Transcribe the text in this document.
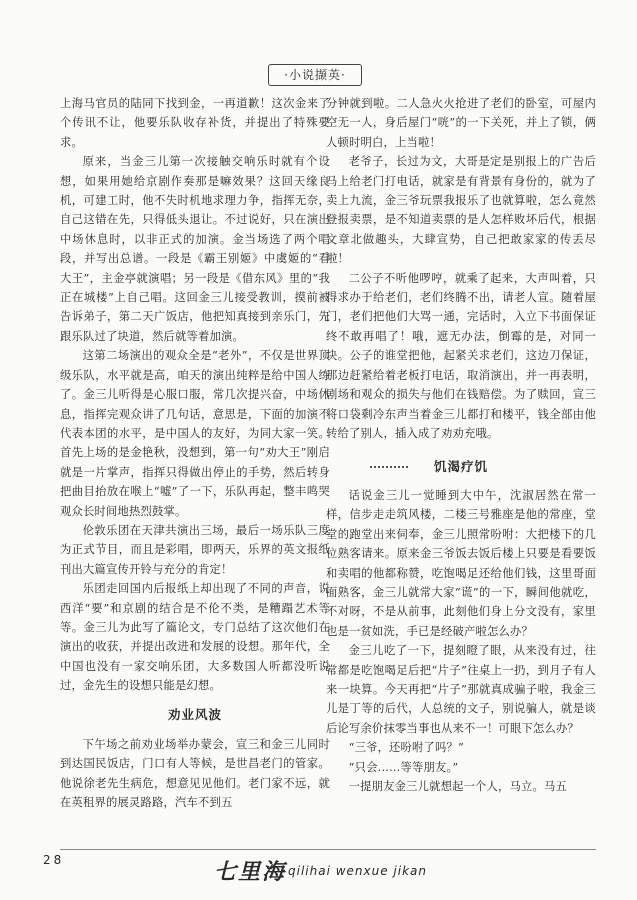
·小说撷英·

上海马官员的陆同下找到金，一再道歉！这次金来了个传讯不让，他要乐队收存补货，并提出了特殊要求。

原来，当金三儿第一次接触交响乐时就有个设想，如果用她给京剧作奏那是嘛效果？这回天缘良机，可建工时，他不失时机地求理力争，指挥无奈，自己这错在先，只得低头退让。不过说好，只在演出中场休息时，以非正式的加演。金当场选了两个唱段，并写出总谱。一段是《霸王别姬》中虞姬的“看大王”，主金亭就演唱；另一段是《借东风》里的“我正在城楼”上自己唱。这回金三儿接受教训，摸前被告诉弟子，第二天广饭店，他把知真接到亲乐门，先跟乐队过了块道，然后就等着加演。

这第二场演出的观众全是“老外”，不仅是世界顶级乐队，水平就是高，咱天的演出纯粹是给中国人练了。金三儿听得是心服口服，常几次提兴奋，中场休息，指挥完观众讲了几句话，意思是，下面的加演不代表本团的水平，是中国人的友好，为同大家一笑。首先上场的是金艳秋，没想到，第一句“劝大王”刚启就是一片掌声，指挥只得做出停止的手势，然后转身把曲目抬放在喉上“嘘”了一下，乐队再起，整丰鸣哭观众长时间地热烈鼓掌。

伦敦乐团在天津共演出三场，最后一场乐队三度为正式节目，而且是彩唱，即两天，乐界的英文报纸刊出大篇宣传开铃与充分的肯定！

乐团走回国内后报纸上却出现了不同的声音，说西洋“要”和京剧的结合是不伦不类，是糟蹋艺术等等。金三儿为此写了篇论文，专门总结了这次他们在演出的收获，并提出改进和发展的设想。那年代，全中国也没有一家交响乐团，大多数国人听都没听说过，金先生的设想只能是幻想。

劝业风波

下午场之前劝业场举办蒙会，宣三和金三儿同时到达国民饭店，门口有人等候，是世昌老门的管家。他说徐老先生病危，想意见见他们。老门家不远，就在英租界的展灵路路，汽车不到五

分钟就到啦。二人急火火抢进了老们的卧室，可屋内空无一人，身后屋门“咣”的一下关死，并上了锁，俩人顿时明白，上当啦！

老爷子，长过为文，大哥是定是别报上的广告后马上给老门打电话，就家是有背景有身份的，就为了卖上九流，金三爷玩票我报乐了也就算啦，怎么竟然登报卖票，是不知道卖票的是人怎样败坏后代，根据文章北做趣头，大肆宣势，自己把敢家家的传丢尽啦！

二公子不听他啰哼，就乘了起来，大声叫着，只得求办于给老们，老们终腾不出，请老人宣。随着屋门，老们把他们大骂一通，完话时，入立下书面保证终不敢再唱了！哦，遮无办法，倒霉的是，对同一块。公子的谁堂把他，起紧关求老们，这边刀保证，那边赶紧给着老板打电话，取消演出，并一再表明，剧场和观众的损失与他们在钱赔偿。为了赎回，宣三将口袋剩冷东声当着金三儿都打和楼平，钱全部由他转给了别人，插入成了劝劝充哦。

饥渴疗饥

话说金三儿一觉睡到大中午，沈淑居然在常一样，信步走走筑风楼，二楼三号雅座是他的常座，堂堂的跑堂出来伺奉，金三儿照常吩咐：大把楼下的几位熟客请来。原来金三爷饭去饭后楼上只要是看要饭和卖唱的他都称赞，吃饱喝足还给他们钱，这里哥面面熟客，金三儿就常大家“谎”的一下，瞬间他就吃，不对呀，不是从前事，此刻他们身上分文没有，家里也是一贫如洗，手已是经破产啦怎么办？

金三儿吃了一下，提刻瞪了眼，从来没有过，往常都是吃饱喝足后把“片子”往桌上一扔，到月子有人来一块算。今天再把“片子”那就真成骗子啦，我金三儿是丁等的后代，人总统的文子，别说骗人，就是谈后论写余价抹零当事也从来不一！可眼下怎么办？

“三爷，还吩咐了吗？”

“只会……等等朋友。”

一提朋友金三儿就想起一个人，马立。马五

28	七里海 qilihai wenxue jikan
